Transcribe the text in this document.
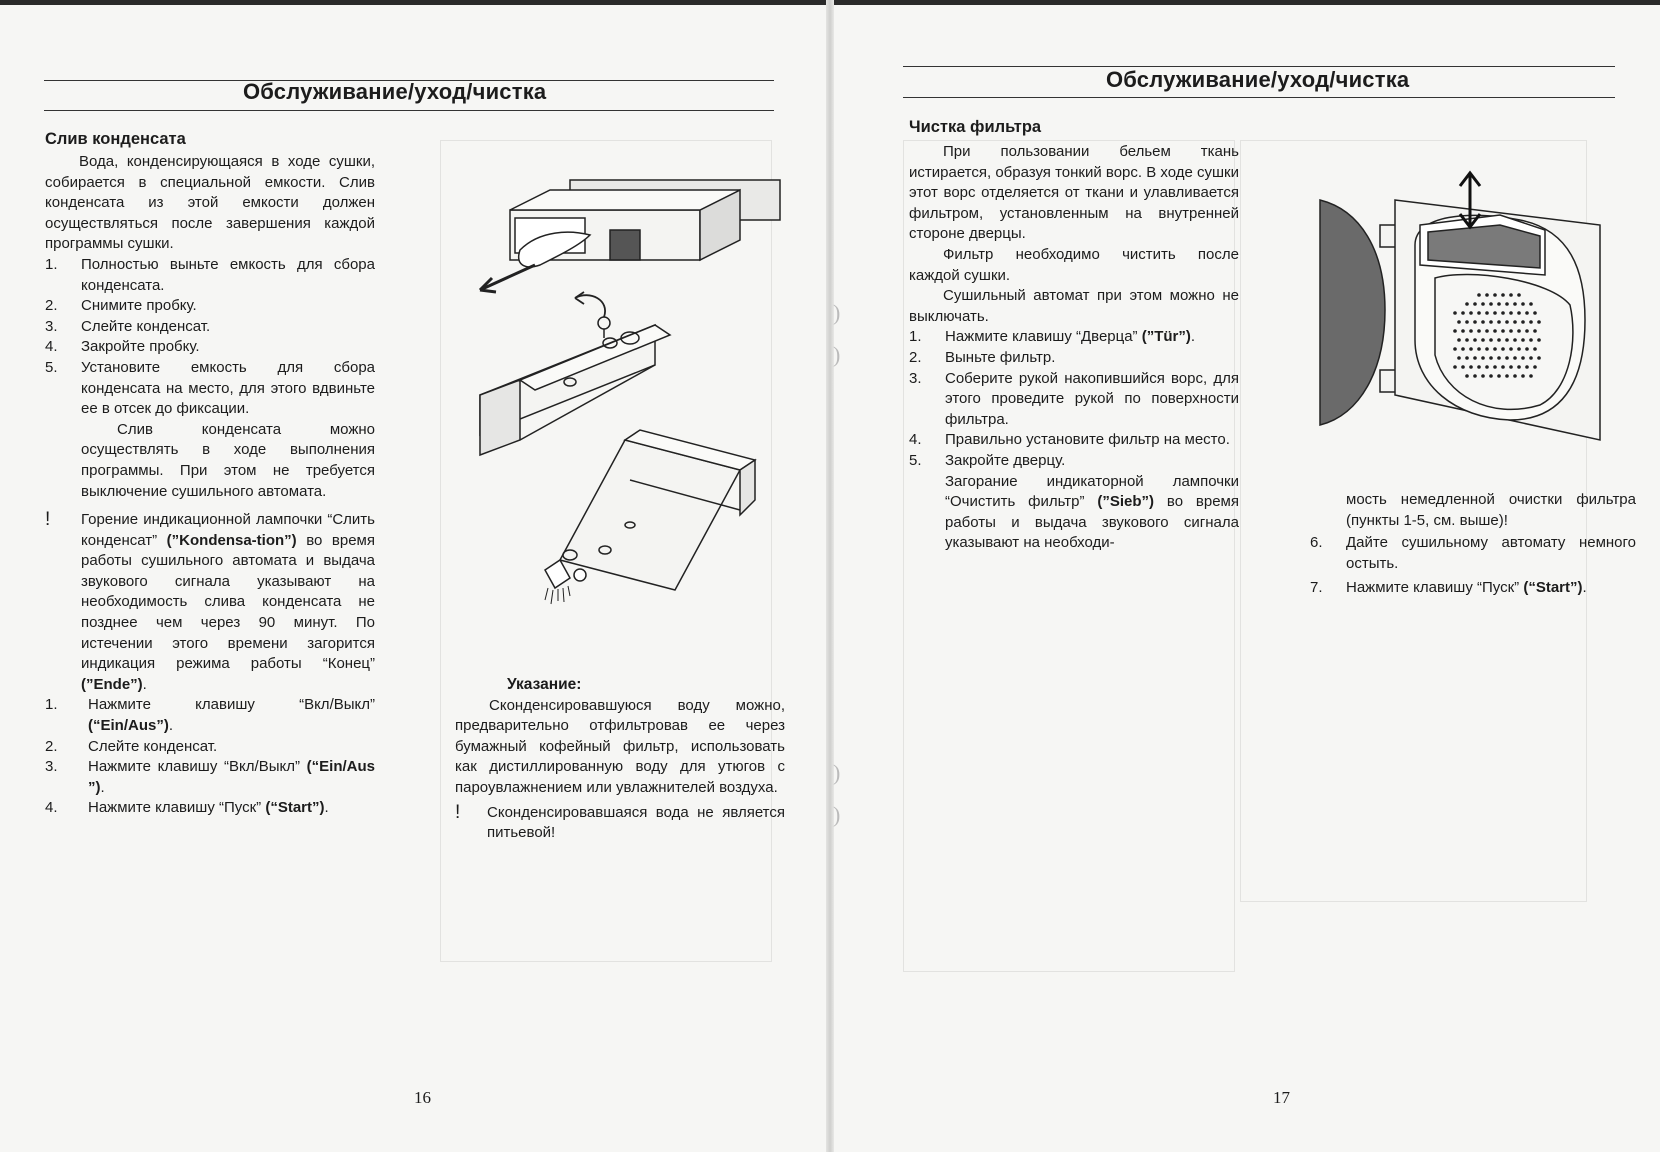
)
)
)
)
Обслуживание/уход/чистка
Слив конденсата

Вода, конденсирующаяся в ходе сушки, собирается в специальной емкости. Слив конденсата из этой емкости должен осуществляться после завершения каждой программы сушки.

1.	Полностью выньте емкость для сбора конденсата.
2.	Снимите пробку.
3.	Слейте конденсат.
4.	Закройте пробку.
5.	Установите емкость для сбора конденсата на место, для этого вдвиньте ее в отсек до фиксации.

Слив конденсата можно осуществлять в ходе выполнения программы. При этом не требуется выключение сушильного автомата.

!	Горение индикационной лампочки “Слить конденсат” (”Kondensa-tion”) во время работы сушильного автомата и выдача звукового сигнала указывают на необходимость слива конденсата не позднее чем через 90 минут. По истечении этого времени загорится индикация режима работы “Конец” (”Ende”).
1.	Нажмите клавишу “Вкл/Выкл” (“Ein/Aus”).
2.	Слейте конденсат.
3.	Нажмите клавишу “Вкл/Выкл” (“Ein/Aus ”).
4.	Нажмите клавишу “Пуск” (“Start”).
Указание:

Сконденсировавшуюся воду можно, предварительно отфильтровав ее через бумажный кофейный фильтр, использовать как дистиллированную воду для утюгов с пароувлажнением или увлажнителей воздуха.

!	Сконденсировавшаяся вода не является питьевой!
16
Обслуживание/уход/чистка
Чистка фильтра

При пользовании бельем ткань истирается, образуя тонкий ворс. В ходе сушки этот ворс отделяется от ткани и улавливается фильтром, установленным на внутренней стороне дверцы.

Фильтр необходимо чистить после каждой сушки.

Сушильный автомат при этом можно не выключать.

1.	Нажмите клавишу “Дверца” (”Tür”).
2.	Выньте фильтр.
3.	Соберите рукой накопившийся ворс, для этого проведите рукой по поверхности фильтра.
4.	Правильно установите фильтр на место.
5.	Закройте дверцу.

Загорание индикаторной лампочки “Очистить фильтр” (”Sieb”) во время работы и выдача звукового сигнала указывают на необходи-

мость немедленной очистки фильтра (пункты 1-5, см. выше)!

6.	Дайте сушильному автомату немного остыть.
7.	Нажмите клавишу “Пуск” (“Start”).
17
